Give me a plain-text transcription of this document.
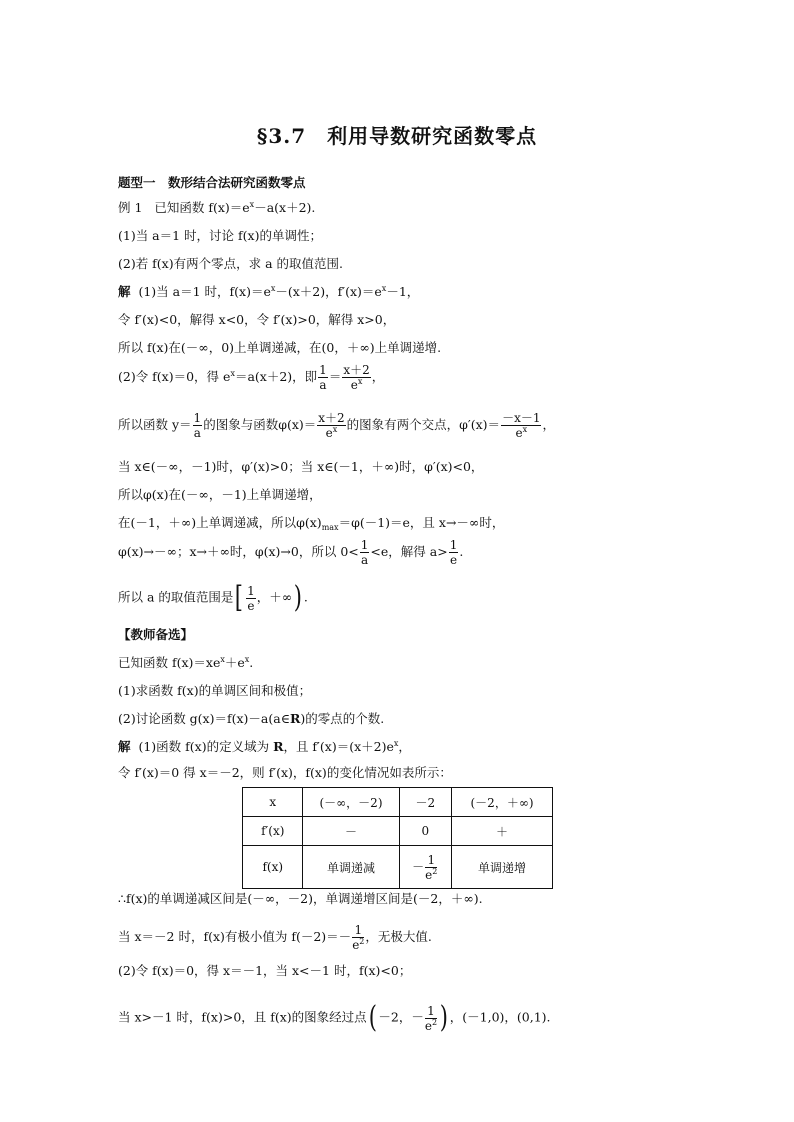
§3.7　利用导数研究函数零点
题型一　数形结合法研究函数零点
例 1 已知函数 $f(x)=e^x-a(x+2)$.
(1)当 a＝1 时，讨论 f(x)的单调性；
(2)若 f(x)有两个零点，求 a 的取值范围.
解 (1)当 a＝1 时，$f(x)=e^x-(x+2)$，$f'(x)=e^x-1$，
令 f′(x)<0，解得 x<0，令 f′(x)>0，解得 x>0，
所以 f(x)在(－∞，0)上单调递减，在(0，＋∞)上单调递增.
(2)令 f(x)＝0，得 $e^x=a(x+2)$，即 $\frac{1}{a} = \frac{x+2}{e^x}$ ，
所以函数 $y= \frac{1}{a}$ 的图象与函数$\varphi(x)= \frac{x+2}{e^x}$ 的图象有两个交点，$\varphi'(x)= \frac{-x-1}{e^x}$ ，
当 x∈(－∞，－1)时，φ′(x)>0；当 x∈(－1，＋∞)时，φ′(x)<0，
所以φ(x)在(－∞，－1)上单调递增，
在(－1，＋∞)上单调递减，所以$\varphi(x)_{max}=\varphi(-1)=e$，且 x→－∞时，
φ(x)→－∞；x→＋∞时，φ(x)→0，所以 $0< \frac{1}{a} <e$，解得 $a> \frac{1}{e}$ .
所以 a 的取值范围是[ $\frac{1}{e}$ ，＋∞) .
【教师备选】
已知函数 $f(x)=xe^x+e^x$.
(1)求函数 f(x)的单调区间和极值；
(2)讨论函数 g(x)＝f(x)－a(a∈R)的零点的个数.
解 (1)函数 f(x)的定义域为 R，且 $f'(x)=(x+2)e^x$，
令 f′(x)＝0 得 x＝－2，则 f′(x)，f(x)的变化情况如表所示：
x	(－∞，－2)	－2	(－2，＋∞)
f′(x)	－	0	＋
f(x)	单调递减	－ $\frac{1}{e^2}$	单调递增
∴f(x)的单调递减区间是(－∞，－2)，单调递增区间是(－2，＋∞).
当 x＝－2 时，f(x)有极小值为 $f(-2)=- \frac{1}{e^2}$ ，无极大值.
(2)令 f(x)＝0，得 x＝－1，当 x<－1 时，f(x)<0；
当 x>－1 时，f(x)>0，且 f(x)的图象经过点( －2，－ $\frac{1}{e^2}$ ) ，(－1,0)，(0,1).
